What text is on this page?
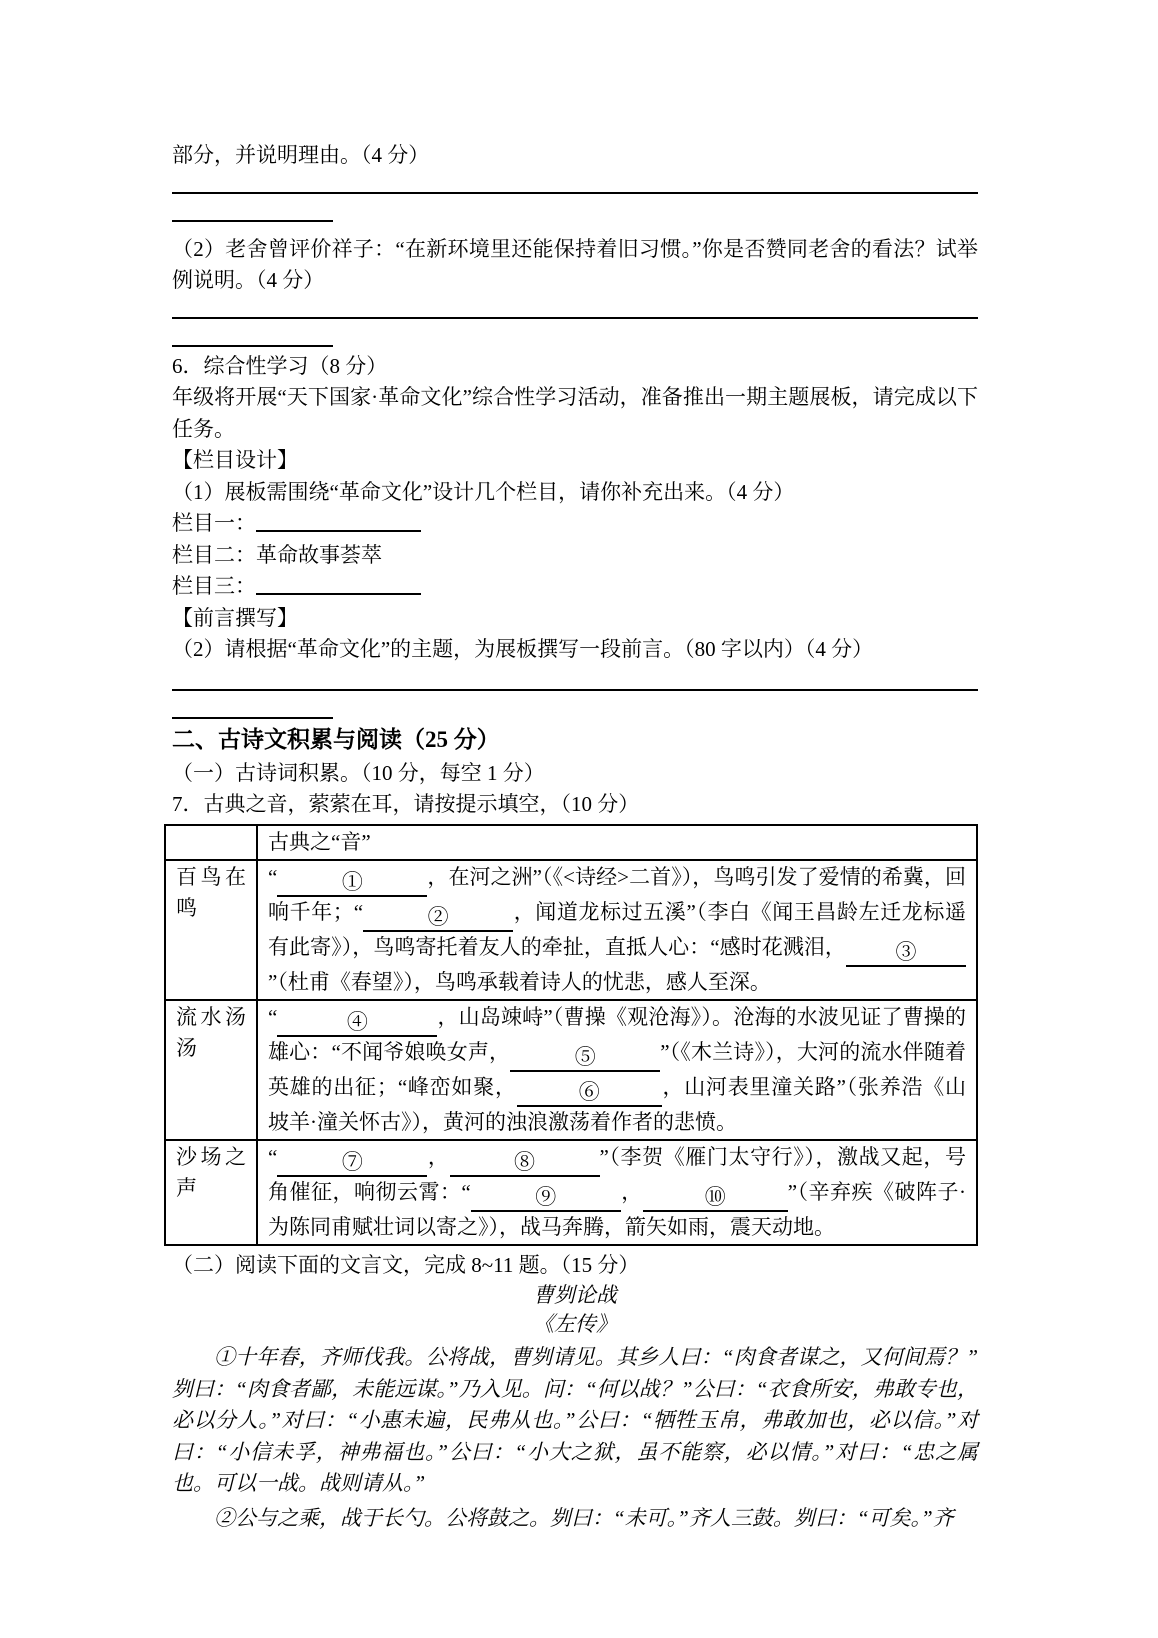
部分，并说明理由。（4 分）

（2）老舍曾评价祥子：“在新环境里还能保持着旧习惯。”你是否赞同老舍的看法？试举例说明。（4 分）

6．综合性学习（8 分）

年级将开展“天下国家·革命文化”综合性学习活动，准备推出一期主题展板，请完成以下任务。

【栏目设计】

（1）展板需围绕“革命文化”设计几个栏目，请你补充出来。（4 分）

栏目一：

栏目二：革命故事荟萃

栏目三：

【前言撰写】

（2）请根据“革命文化”的主题，为展板撰写一段前言。（80 字以内）（4 分）

二、古诗文积累与阅读（25 分）

（一）古诗词积累。（10 分，每空 1 分）

7．古典之音，萦萦在耳，请按提示填空，（10 分）

	古典之“音”
百鸟在鸣	“ ① ，在河之洲”（《<诗经>二首》），鸟鸣引发了爱情的希冀，回响千年；“ ② ，闻道龙标过五溪”（李白《闻王昌龄左迁龙标遥有此寄》），鸟鸣寄托着友人的牵扯，直抵人心：“感时花溅泪， ③”（杜甫《春望》），鸟鸣承载着诗人的忧悲，感人至深。
流水汤汤	“ ④ ，山岛竦峙”（曹操《观沧海》）。沧海的水波见证了曹操的雄心：“不闻爷娘唤女声， ⑤ ”（《木兰诗》），大河的流水伴随着英雄的出征；“峰峦如聚， ⑥ ，山河表里潼关路”（张养浩《山坡羊·潼关怀古》），黄河的浊浪激荡着作者的悲愤。
沙场之声	“ ⑦ ， ⑧ ”（李贺《雁门太守行》），激战又起，号角催征，响彻云霄：“ ⑨ ， ⑩ ”（辛弃疾《破阵子·为陈同甫赋壮词以寄之》），战马奔腾，箭矢如雨，震天动地。

（二）阅读下面的文言文，完成 8~11 题。（15 分）

曹刿论战

《左传》

①十年春，齐师伐我。公将战，曹刿请见。其乡人曰：“肉食者谋之，又何间焉？”刿曰：“肉食者鄙，未能远谋。”乃入见。问：“何以战？”公曰：“衣食所安，弗敢专也，必以分人。”对曰：“小惠未遍，民弗从也。”公曰：“牺牲玉帛，弗敢加也，必以信。”对曰：“小信未孚，神弗福也。”公曰：“小大之狱，虽不能察，必以情。”对曰：“忠之属也。可以一战。战则请从。”

②公与之乘，战于长勺。公将鼓之。刿曰：“未可。”齐人三鼓。刿曰：“可矣。”齐
